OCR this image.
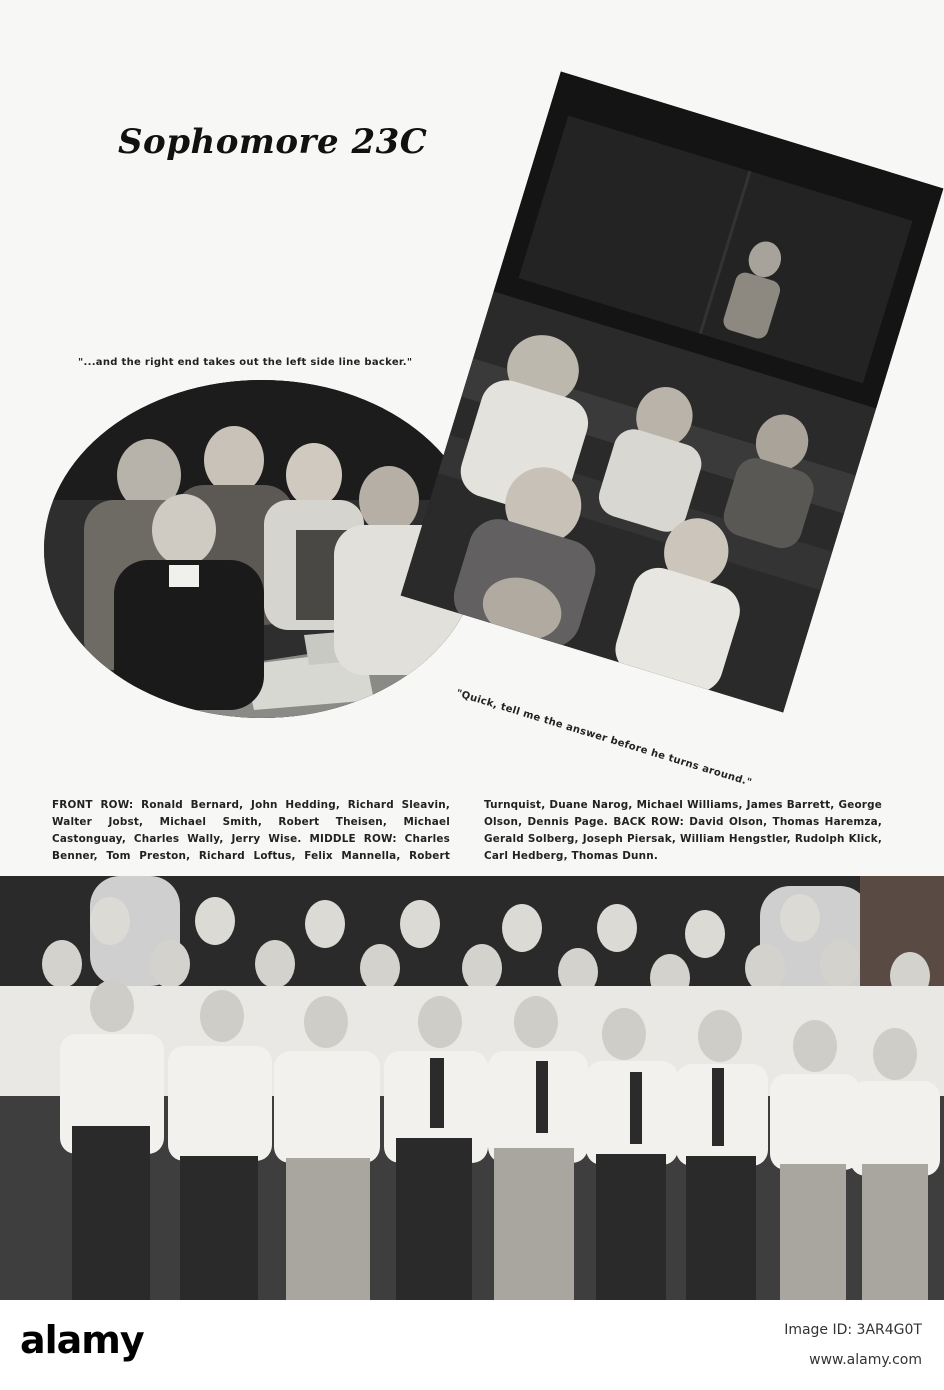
Sophomore 23C
"...and the right end takes out the left side line backer."
"Quick, tell me the answer before he turns around."
FRONT ROW: Ronald Bernard, John Hedding, Richard Sleavin, Walter Jobst, Michael Smith, Robert Theisen, Michael Castonguay, Charles Wally, Jerry Wise. MIDDLE ROW: Charles Benner, Tom Preston, Richard Loftus, Felix Mannella, Robert Turnquist, Duane Narog, Michael Williams, James Barrett, George Olson, Dennis Page. BACK ROW: David Olson, Thomas Haremza, Gerald Solberg, Joseph Piersak, William Hengstler, Rudolph Klick, Carl Hedberg, Thomas Dunn.
alamy	Image ID: 3AR4G0T
www.alamy.com
